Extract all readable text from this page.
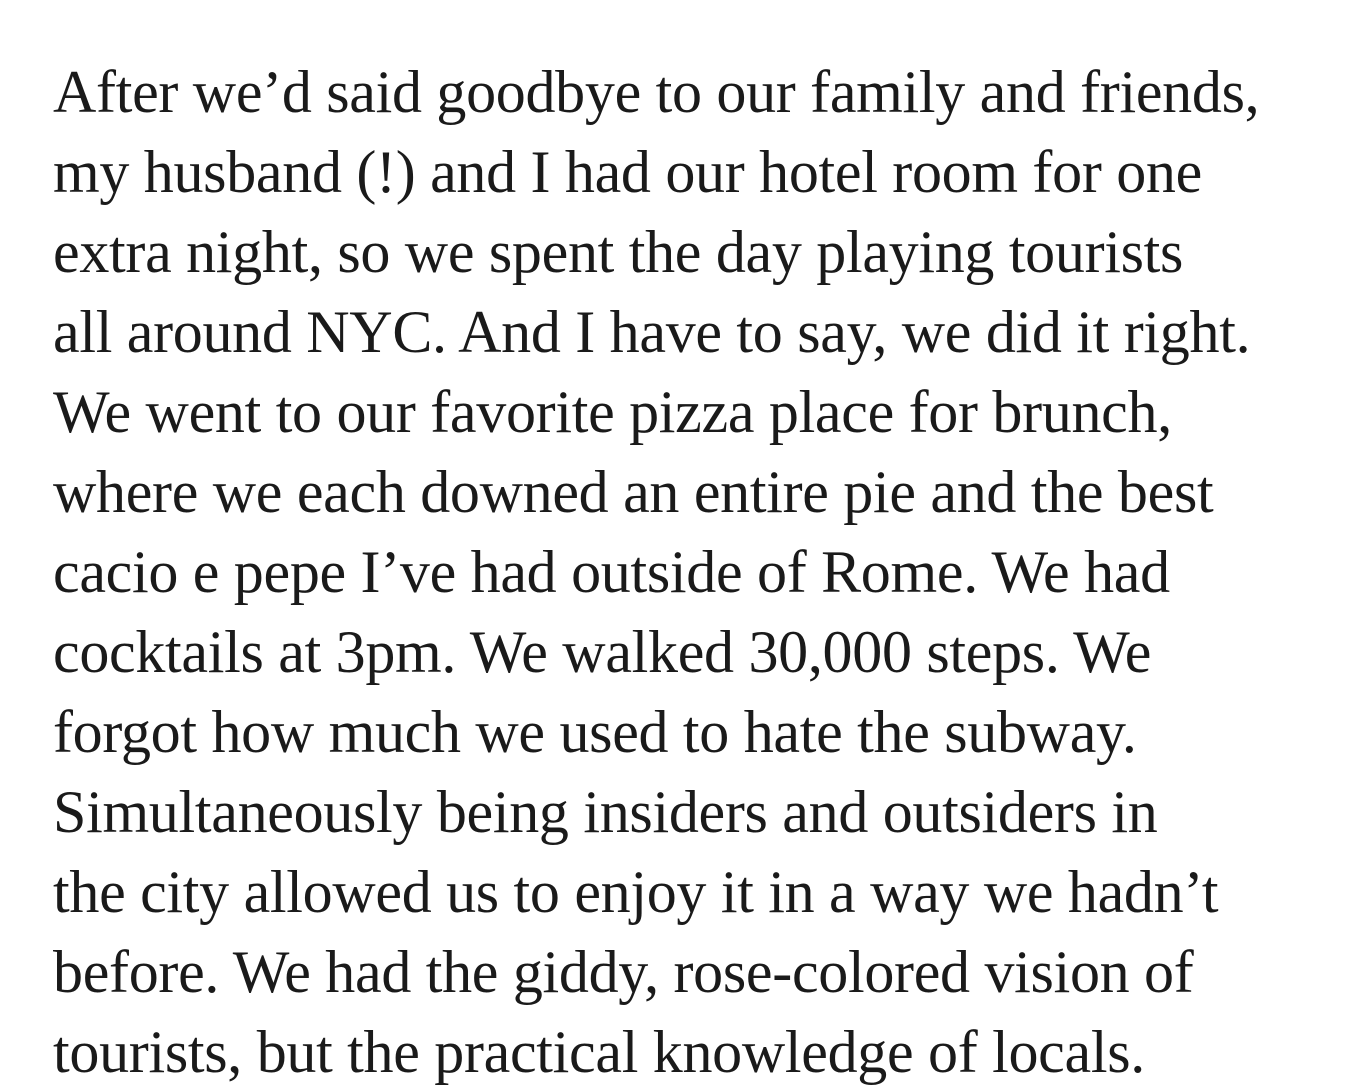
After we’d said goodbye to our family and friends,
my husband (!) and I had our hotel room for one
extra night, so we spent the day playing tourists
all around NYC. And I have to say, we did it right.
We went to our favorite pizza place for brunch,
where we each downed an entire pie and the best
cacio e pepe I’ve had outside of Rome. We had
cocktails at 3pm. We walked 30,000 steps. We
forgot how much we used to hate the subway.
Simultaneously being insiders and outsiders in
the city allowed us to enjoy it in a way we hadn’t
before. We had the giddy, rose-colored vision of
tourists, but the practical knowledge of locals.
